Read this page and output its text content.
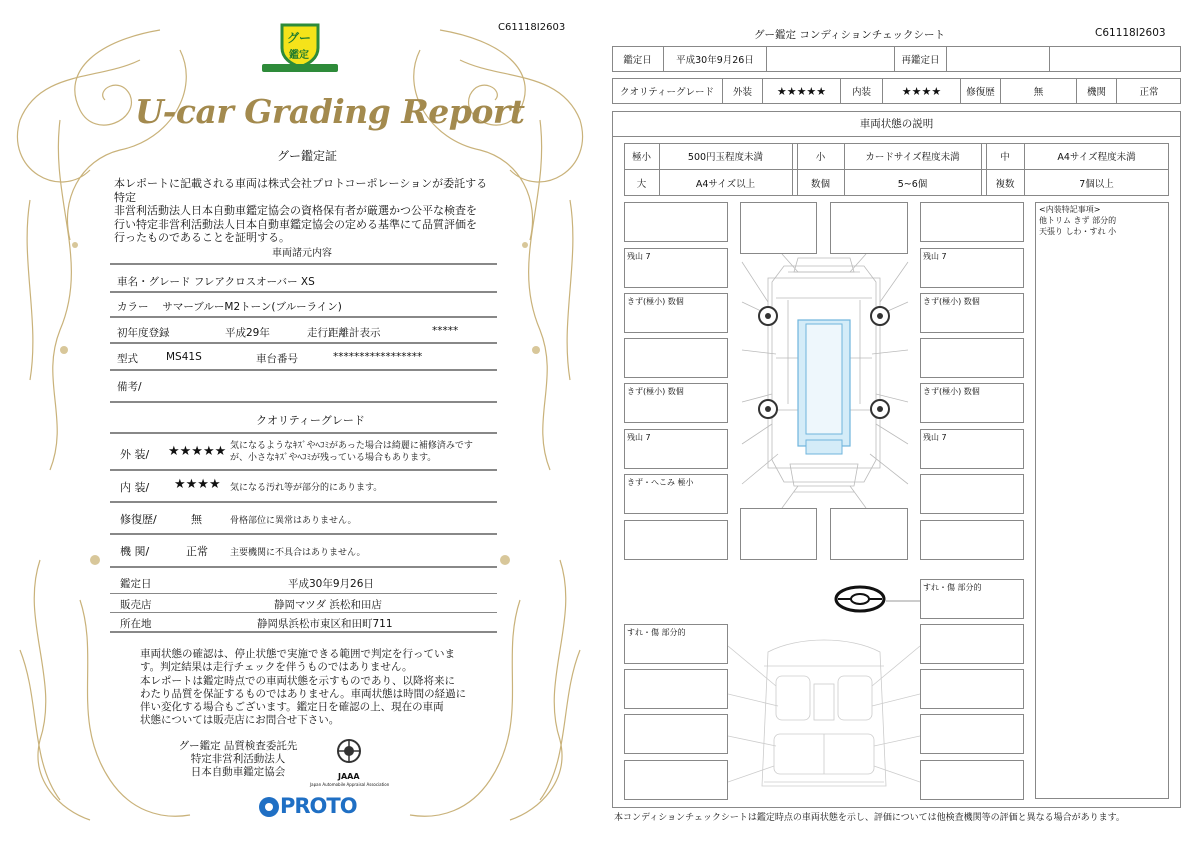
C61118I2603
グー
鑑定
U-car Grading Report
グー鑑定証
本レポートに記載される車両は株式会社プロトコーポレーションが委託する特定
非営利活動法人日本自動車鑑定協会の資格保有者が厳選かつ公平な検査を
行い特定非営利活動法人日本自動車鑑定協会の定める基準にて品質評価を
行ったものであることを証明する。
車両諸元内容
車名・グレード フレアクロスオーバー XS
カラー　 サマーブルーM2トーン(ブルーライン)
初年度登録	平成29年	走行距離計表示	*****
型式	MS41S	車台番号	*****************
備考/
クオリティーグレード
外 装/ ★★★★★ 気になるようなｷｽﾞやﾍｺﾐがあった場合は綺麗に補修済みです
が、小さなｷｽﾞやﾍｺﾐが残っている場合もあります。
内 装/ ★★★★ 気になる汚れ等が部分的にあります。
修復歴/	無	骨格部位に異常はありません。
機 関/	正常 主要機関に不具合はありません。
鑑定日	平成30年9月26日
販売店	静岡マツダ 浜松和田店
所在地	静岡県浜松市東区和田町711
車両状態の確認は、停止状態で実施できる範囲で判定を行っていま
す。判定結果は走行チェックを伴うものではありません。
本レポートは鑑定時点での車両状態を示すものであり、以降将来に
わたり品質を保証するものではありません。車両状態は時間の経過に
伴い変化する場合もございます。鑑定日を確認の上、現在の車両
状態については販売店にお問合せ下さい。
グー鑑定 品質検査委託先
特定非営利活動法人
日本自動車鑑定協会	JAAA
Japan Automobile Appraisal Association
PROTO
グー鑑定 コンディションチェックシート	C61118I2603
鑑定日	平成30年9月26日	再鑑定日
クオリティーグレード	外装	★★★★★	内装	★★★★	修復歴	無	機関	正常
車両状態の説明
極小	500円玉程度未満	小	カードサイズ程度未満	中	A4サイズ程度未満
大	A4サイズ以上	数個	5~6個	複数	7個以上
<内装特記事項>
他トリム きず 部分的
天張り しわ・すれ 小
残山 7
きず(極小) 数個
きず(極小) 数個
残山 7
きず・へこみ 極小
すれ・傷 部分的
残山 7
きず(極小) 数個
きず(極小) 数個
残山 7
すれ・傷 部分的
本コンディションチェックシートは鑑定時点の車両状態を示し、評価については他検査機関等の評価と異なる場合があります。
